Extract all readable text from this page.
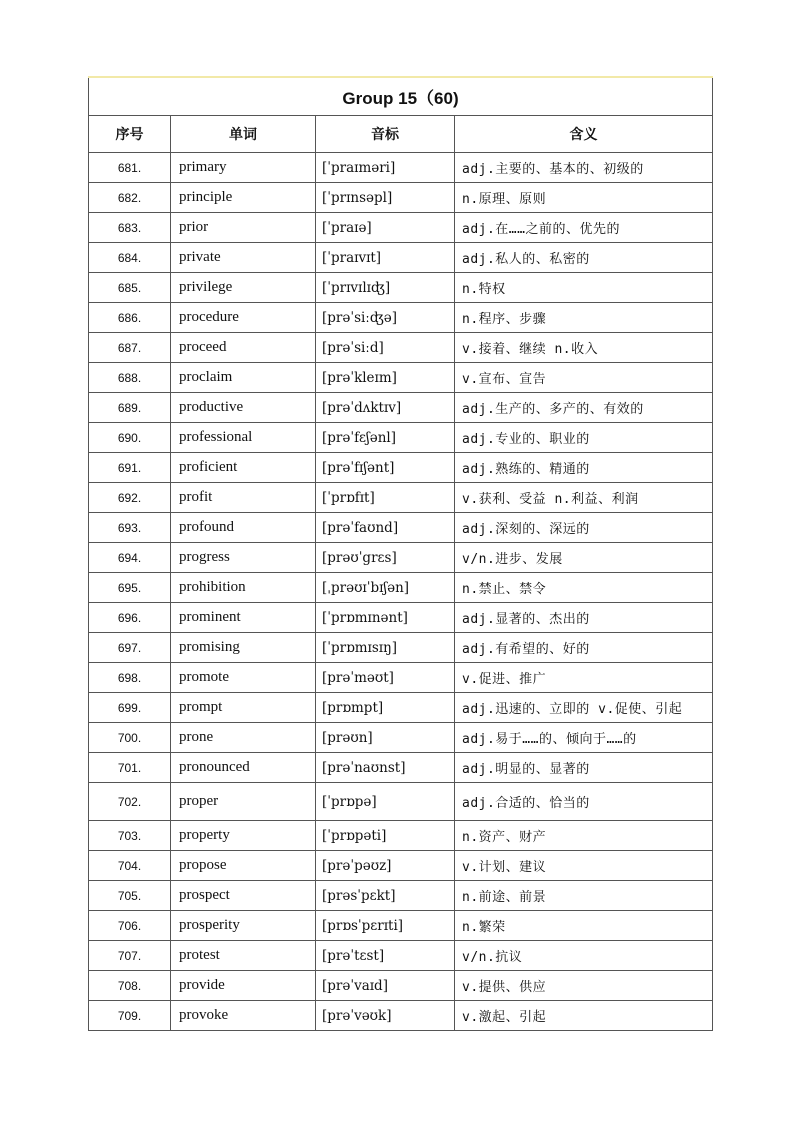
Group 15（60)			
序号	单词	音标	含义
681.	primary	[ˈpraɪməri]	adj.主要的、基本的、初级的
682.	principle	[ˈprɪnsəpl]	n.原理、原则
683.	prior	[ˈpraɪə]	adj.在……之前的、优先的
684.	private	[ˈpraɪvɪt]	adj.私人的、私密的
685.	privilege	[ˈprɪvɪlɪʤ]	n.特权
686.	procedure	[prəˈsiːʤə]	n.程序、步骤
687.	proceed	[prəˈsiːd]	v.接着、继续 n.收入
688.	proclaim	[prəˈkleɪm]	v.宣布、宣告
689.	productive	[prəˈdʌktɪv]	adj.生产的、多产的、有效的
690.	professional	[prəˈfɛʃənl]	adj.专业的、职业的
691.	proficient	[prəˈfɪʃənt]	adj.熟练的、精通的
692.	profit	[ˈprɒfɪt]	v.获利、受益 n.利益、利润
693.	profound	[prəˈfaʊnd]	adj.深刻的、深远的
694.	progress	[prəʊˈgrɛs]	v/n.进步、发展
695.	prohibition	[ˌprəʊɪˈbɪʃən]	n.禁止、禁令
696.	prominent	[ˈprɒmɪnənt]	adj.显著的、杰出的
697.	promising	[ˈprɒmɪsɪŋ]	adj.有希望的、好的
698.	promote	[prəˈməʊt]	v.促进、推广
699.	prompt	[prɒmpt]	adj.迅速的、立即的 v.促使、引起
700.	prone	[prəʊn]	adj.易于……的、倾向于……的
701.	pronounced	[prəˈnaʊnst]	adj.明显的、显著的
702.	proper	[ˈprɒpə]	adj.合适的、恰当的
703.	property	[ˈprɒpəti]	n.资产、财产
704.	propose	[prəˈpəʊz]	v.计划、建议
705.	prospect	[prəsˈpɛkt]	n.前途、前景
706.	prosperity	[prɒsˈpɛrɪti]	n.繁荣
707.	protest	[prəˈtɛst]	v/n.抗议
708.	provide	[prəˈvaɪd]	v.提供、供应
709.	provoke	[prəˈvəʊk]	v.激起、引起
